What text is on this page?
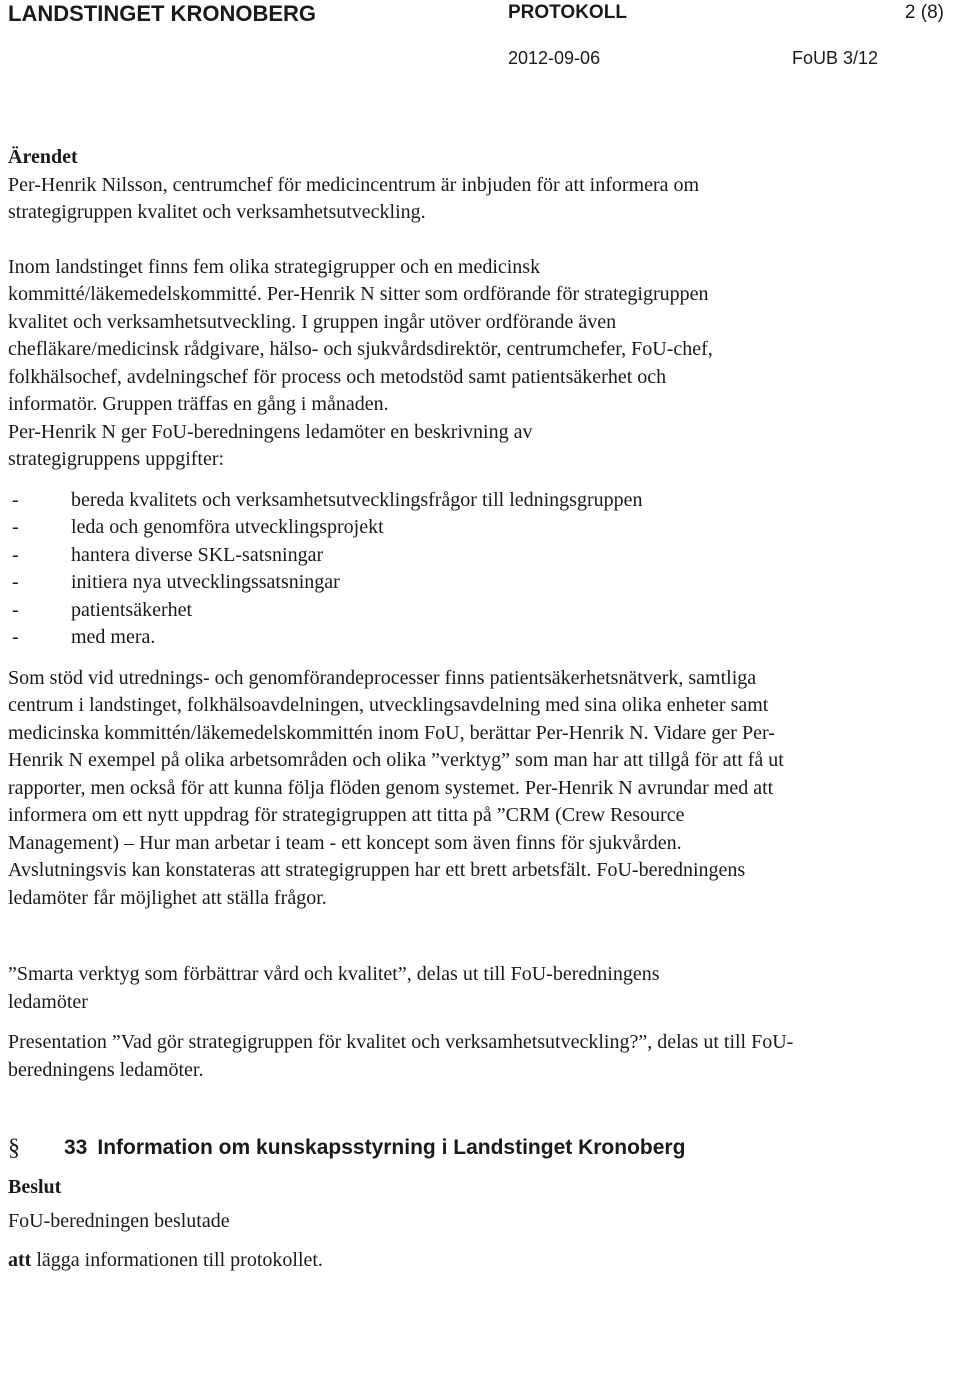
LANDSTINGET KRONOBERG	PROTOKOLL	2 (8)
2012-09-06	FoUB 3/12

Ärendet

Per-Henrik Nilsson, centrumchef för medicincentrum är inbjuden för att informera om strategigruppen kvalitet och verksamhetsutveckling.

Inom landstinget finns fem olika strategigrupper och en medicinsk kommitté/läkemedelskommitté. Per-Henrik N sitter som ordförande för strategigruppen kvalitet och verksamhetsutveckling. I gruppen ingår utöver ordförande även chefläkare/medicinsk rådgivare, hälso- och sjukvårdsdirektör, centrumchefer, FoU-chef, folkhälsochef, avdelningschef för process och metodstöd samt patientsäkerhet och informatör. Gruppen träffas en gång i månaden.

Per-Henrik N ger FoU-beredningens ledamöter en beskrivning av strategigruppens uppgifter:

-	bereda kvalitets och verksamhetsutvecklingsfrågor till ledningsgruppen
-	leda och genomföra utvecklingsprojekt
-	hantera diverse SKL-satsningar
-	initiera nya utvecklingssatsningar
-	patientsäkerhet
-	med mera.

Som stöd vid utrednings- och genomförandeprocesser finns patientsäkerhetsnätverk, samtliga centrum i landstinget, folkhälsoavdelningen, utvecklingsavdelning med sina olika enheter samt medicinska kommittén/läkemedelskommittén inom FoU, berättar Per-Henrik N. Vidare ger Per-Henrik N exempel på olika arbetsområden och olika ”verktyg” som man har att tillgå för att få ut rapporter, men också för att kunna följa flöden genom systemet. Per-Henrik N avrundar med att informera om ett nytt uppdrag för strategigruppen att titta på ”CRM (Crew Resource Management) – Hur man arbetar i team - ett koncept som även finns för sjukvården. Avslutningsvis kan konstateras att strategigruppen har ett brett arbetsfält. FoU-beredningens ledamöter får möjlighet att ställa frågor.

”Smarta verktyg som förbättrar vård och kvalitet”, delas ut till FoU-beredningens ledamöter

Presentation ”Vad gör strategigruppen för kvalitet och verksamhetsutveckling?”, delas ut till FoU-beredningens ledamöter.

§ 33 Information om kunskapsstyrning i Landstinget Kronoberg

Beslut

FoU-beredningen beslutade

att lägga informationen till protokollet.
